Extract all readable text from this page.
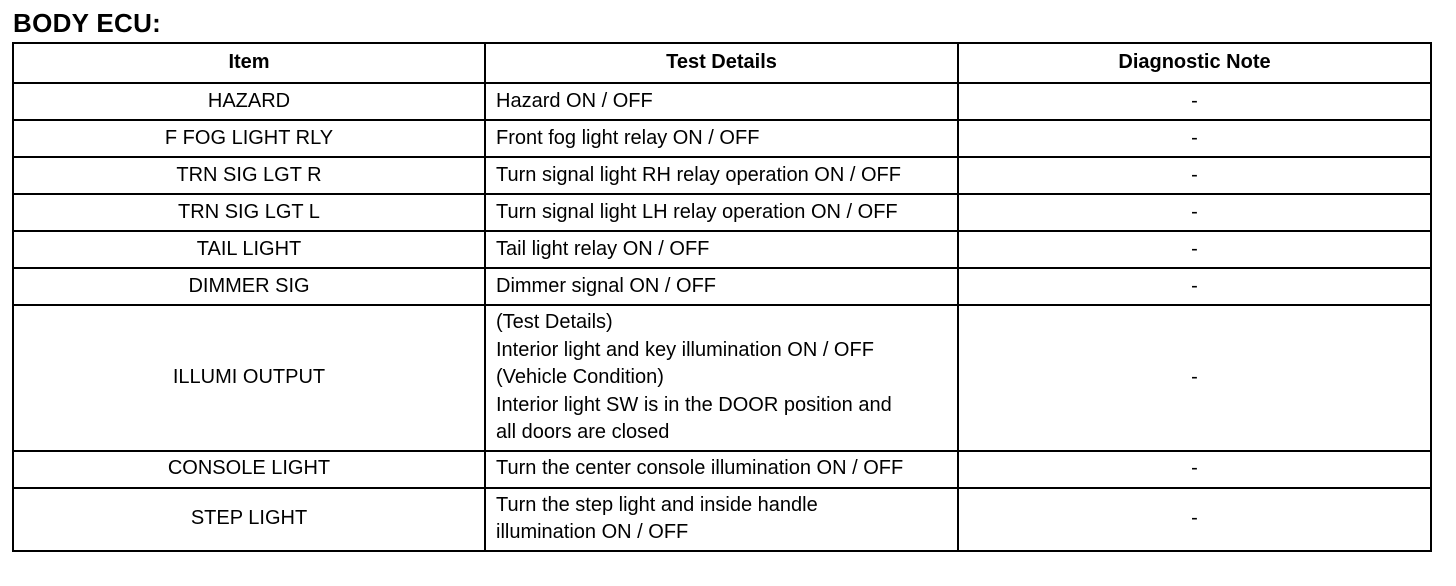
BODY ECU:
Item	Test Details	Diagnostic Note
HAZARD	Hazard ON / OFF	-
F FOG LIGHT RLY	Front fog light relay ON / OFF	-
TRN SIG LGT R	Turn signal light RH relay operation ON / OFF	-
TRN SIG LGT L	Turn signal light LH relay operation ON / OFF	-
TAIL LIGHT	Tail light relay ON / OFF	-
DIMMER SIG	Dimmer signal ON / OFF	-
ILLUMI OUTPUT	(Test Details)
Interior light and key illumination ON / OFF
(Vehicle Condition)
Interior light SW is in the DOOR position and
all doors are closed	-
CONSOLE LIGHT	Turn the center console illumination ON / OFF	-
STEP LIGHT	Turn the step light and inside handle
illumination ON / OFF	-
